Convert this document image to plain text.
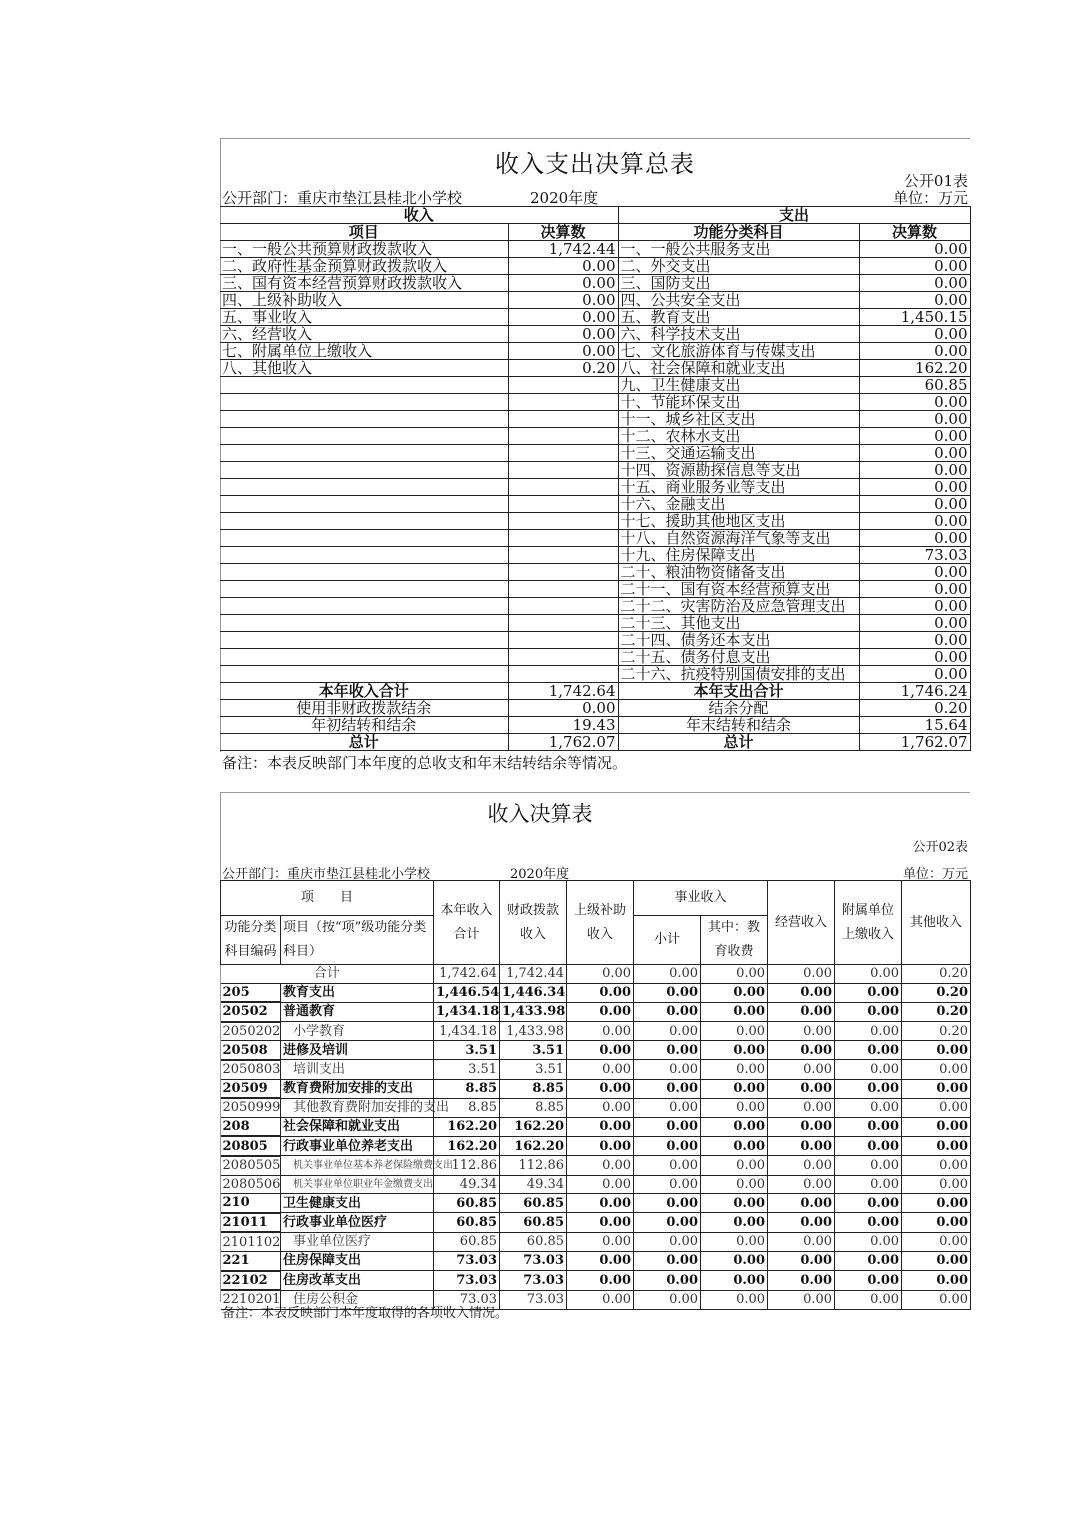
收入支出决算总表
公开01表
公开部门：重庆市垫江县桂北小学校	2020年度	单位：万元
收入		支出	
项目	决算数	功能分类科目	决算数
一、一般公共预算财政拨款收入	1,742.44	一、一般公共服务支出	0.00
二、政府性基金预算财政拨款收入	0.00	二、外交支出	0.00
三、国有资本经营预算财政拨款收入	0.00	三、国防支出	0.00
四、上级补助收入	0.00	四、公共安全支出	0.00
五、事业收入	0.00	五、教育支出	1,450.15
六、经营收入	0.00	六、科学技术支出	0.00
七、附属单位上缴收入	0.00	七、文化旅游体育与传媒支出	0.00
八、其他收入	0.20	八、社会保障和就业支出	162.20
		九、卫生健康支出	60.85
		十、节能环保支出	0.00
		十一、城乡社区支出	0.00
		十二、农林水支出	0.00
		十三、交通运输支出	0.00
		十四、资源勘探信息等支出	0.00
		十五、商业服务业等支出	0.00
		十六、金融支出	0.00
		十七、援助其他地区支出	0.00
		十八、自然资源海洋气象等支出	0.00
		十九、住房保障支出	73.03
		二十、粮油物资储备支出	0.00
		二十一、国有资本经营预算支出	0.00
		二十二、灾害防治及应急管理支出	0.00
		二十三、其他支出	0.00
		二十四、债务还本支出	0.00
		二十五、债务付息支出	0.00
		二十六、抗疫特别国债安排的支出	0.00
本年收入合计	1,742.64	本年支出合计	1,746.24
使用非财政拨款结余	0.00	结余分配	0.20
年初结转和结余	19.43	年末结转和结余	15.64
总计	1,762.07	总计	1,762.07
备注：本表反映部门本年度的总收支和年末结转结余等情况。
收入决算表
公开02表
公开部门：重庆市垫江县桂北小学校	2020年度	单位：万元
项　　目		本年收入合计	财政拨款收入	上级补助收入	事业收入		经营收入	附属单位上缴收入	其他收入
功能分类科目编码	项目（按“项”级功能分类科目）				小计	其中：教育收费			

合计		1,742.64	1,742.44	0.00	0.00	0.00	0.00	0.00	0.20
205	教育支出	1,446.54	1,446.34	0.00	0.00	0.00	0.00	0.00	0.20
20502	普通教育	1,434.18	1,433.98	0.00	0.00	0.00	0.00	0.00	0.20
2050202	小学教育	1,434.18	1,433.98	0.00	0.00	0.00	0.00	0.00	0.20
20508	进修及培训	3.51	3.51	0.00	0.00	0.00	0.00	0.00	0.00
2050803	培训支出	3.51	3.51	0.00	0.00	0.00	0.00	0.00	0.00
20509	教育费附加安排的支出	8.85	8.85	0.00	0.00	0.00	0.00	0.00	0.00
2050999	其他教育费附加安排的支出	8.85	8.85	0.00	0.00	0.00	0.00	0.00	0.00
208	社会保障和就业支出	162.20	162.20	0.00	0.00	0.00	0.00	0.00	0.00
20805	行政事业单位养老支出	162.20	162.20	0.00	0.00	0.00	0.00	0.00	0.00
2080505	机关事业单位基本养老保险缴费支出	112.86	112.86	0.00	0.00	0.00	0.00	0.00	0.00
2080506	机关事业单位职业年金缴费支出	49.34	49.34	0.00	0.00	0.00	0.00	0.00	0.00
210	卫生健康支出	60.85	60.85	0.00	0.00	0.00	0.00	0.00	0.00
21011	行政事业单位医疗	60.85	60.85	0.00	0.00	0.00	0.00	0.00	0.00
2101102	事业单位医疗	60.85	60.85	0.00	0.00	0.00	0.00	0.00	0.00
221	住房保障支出	73.03	73.03	0.00	0.00	0.00	0.00	0.00	0.00
22102	住房改革支出	73.03	73.03	0.00	0.00	0.00	0.00	0.00	0.00
2210201	住房公积金	73.03	73.03	0.00	0.00	0.00	0.00	0.00	0.00
备注：本表反映部门本年度取得的各项收入情况。
